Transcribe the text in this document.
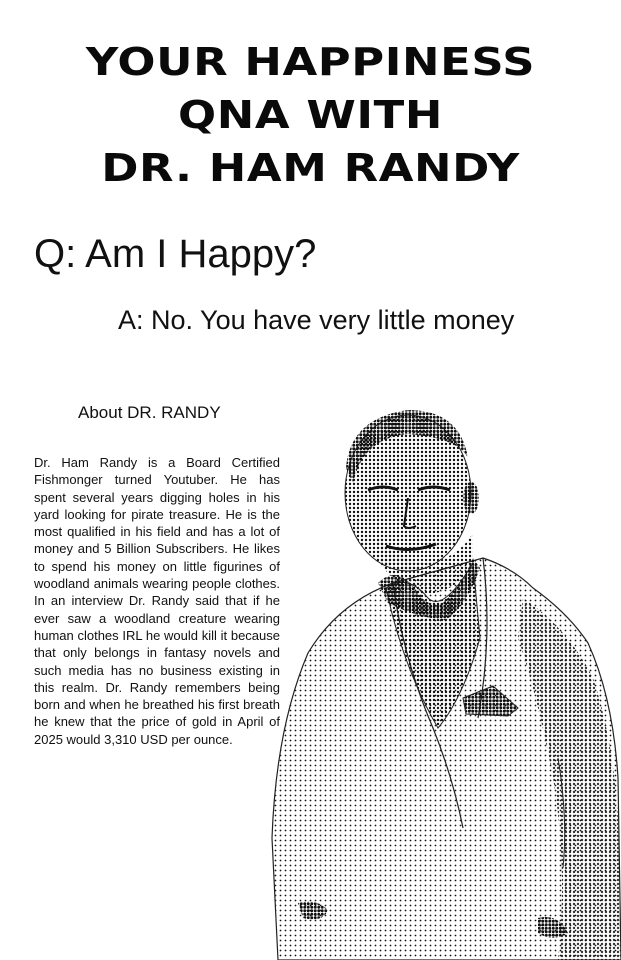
YOUR HAPPINESS
QNA WITH
DR. HAM RANDY
Q: Am I Happy?
A: No. You have very little money
About DR. RANDY

Dr. Ham Randy is a Board Certified Fishmonger turned Youtuber. He has spent several years digging holes in his yard looking for pirate treasure. He is the most qualified in his field and has a lot of money and 5 Billion Subscribers. He likes to spend his money on little figurines of woodland animals wearing people clothes. In an interview Dr. Randy said that if he ever saw a woodland creature wearing human clothes IRL he would kill it because that only belongs in fantasy novels and such media has no business existing in this realm. Dr. Randy remembers being born and when he breathed his first breath he knew that the price of gold in April of 2025 would 3,310 USD per ounce.
